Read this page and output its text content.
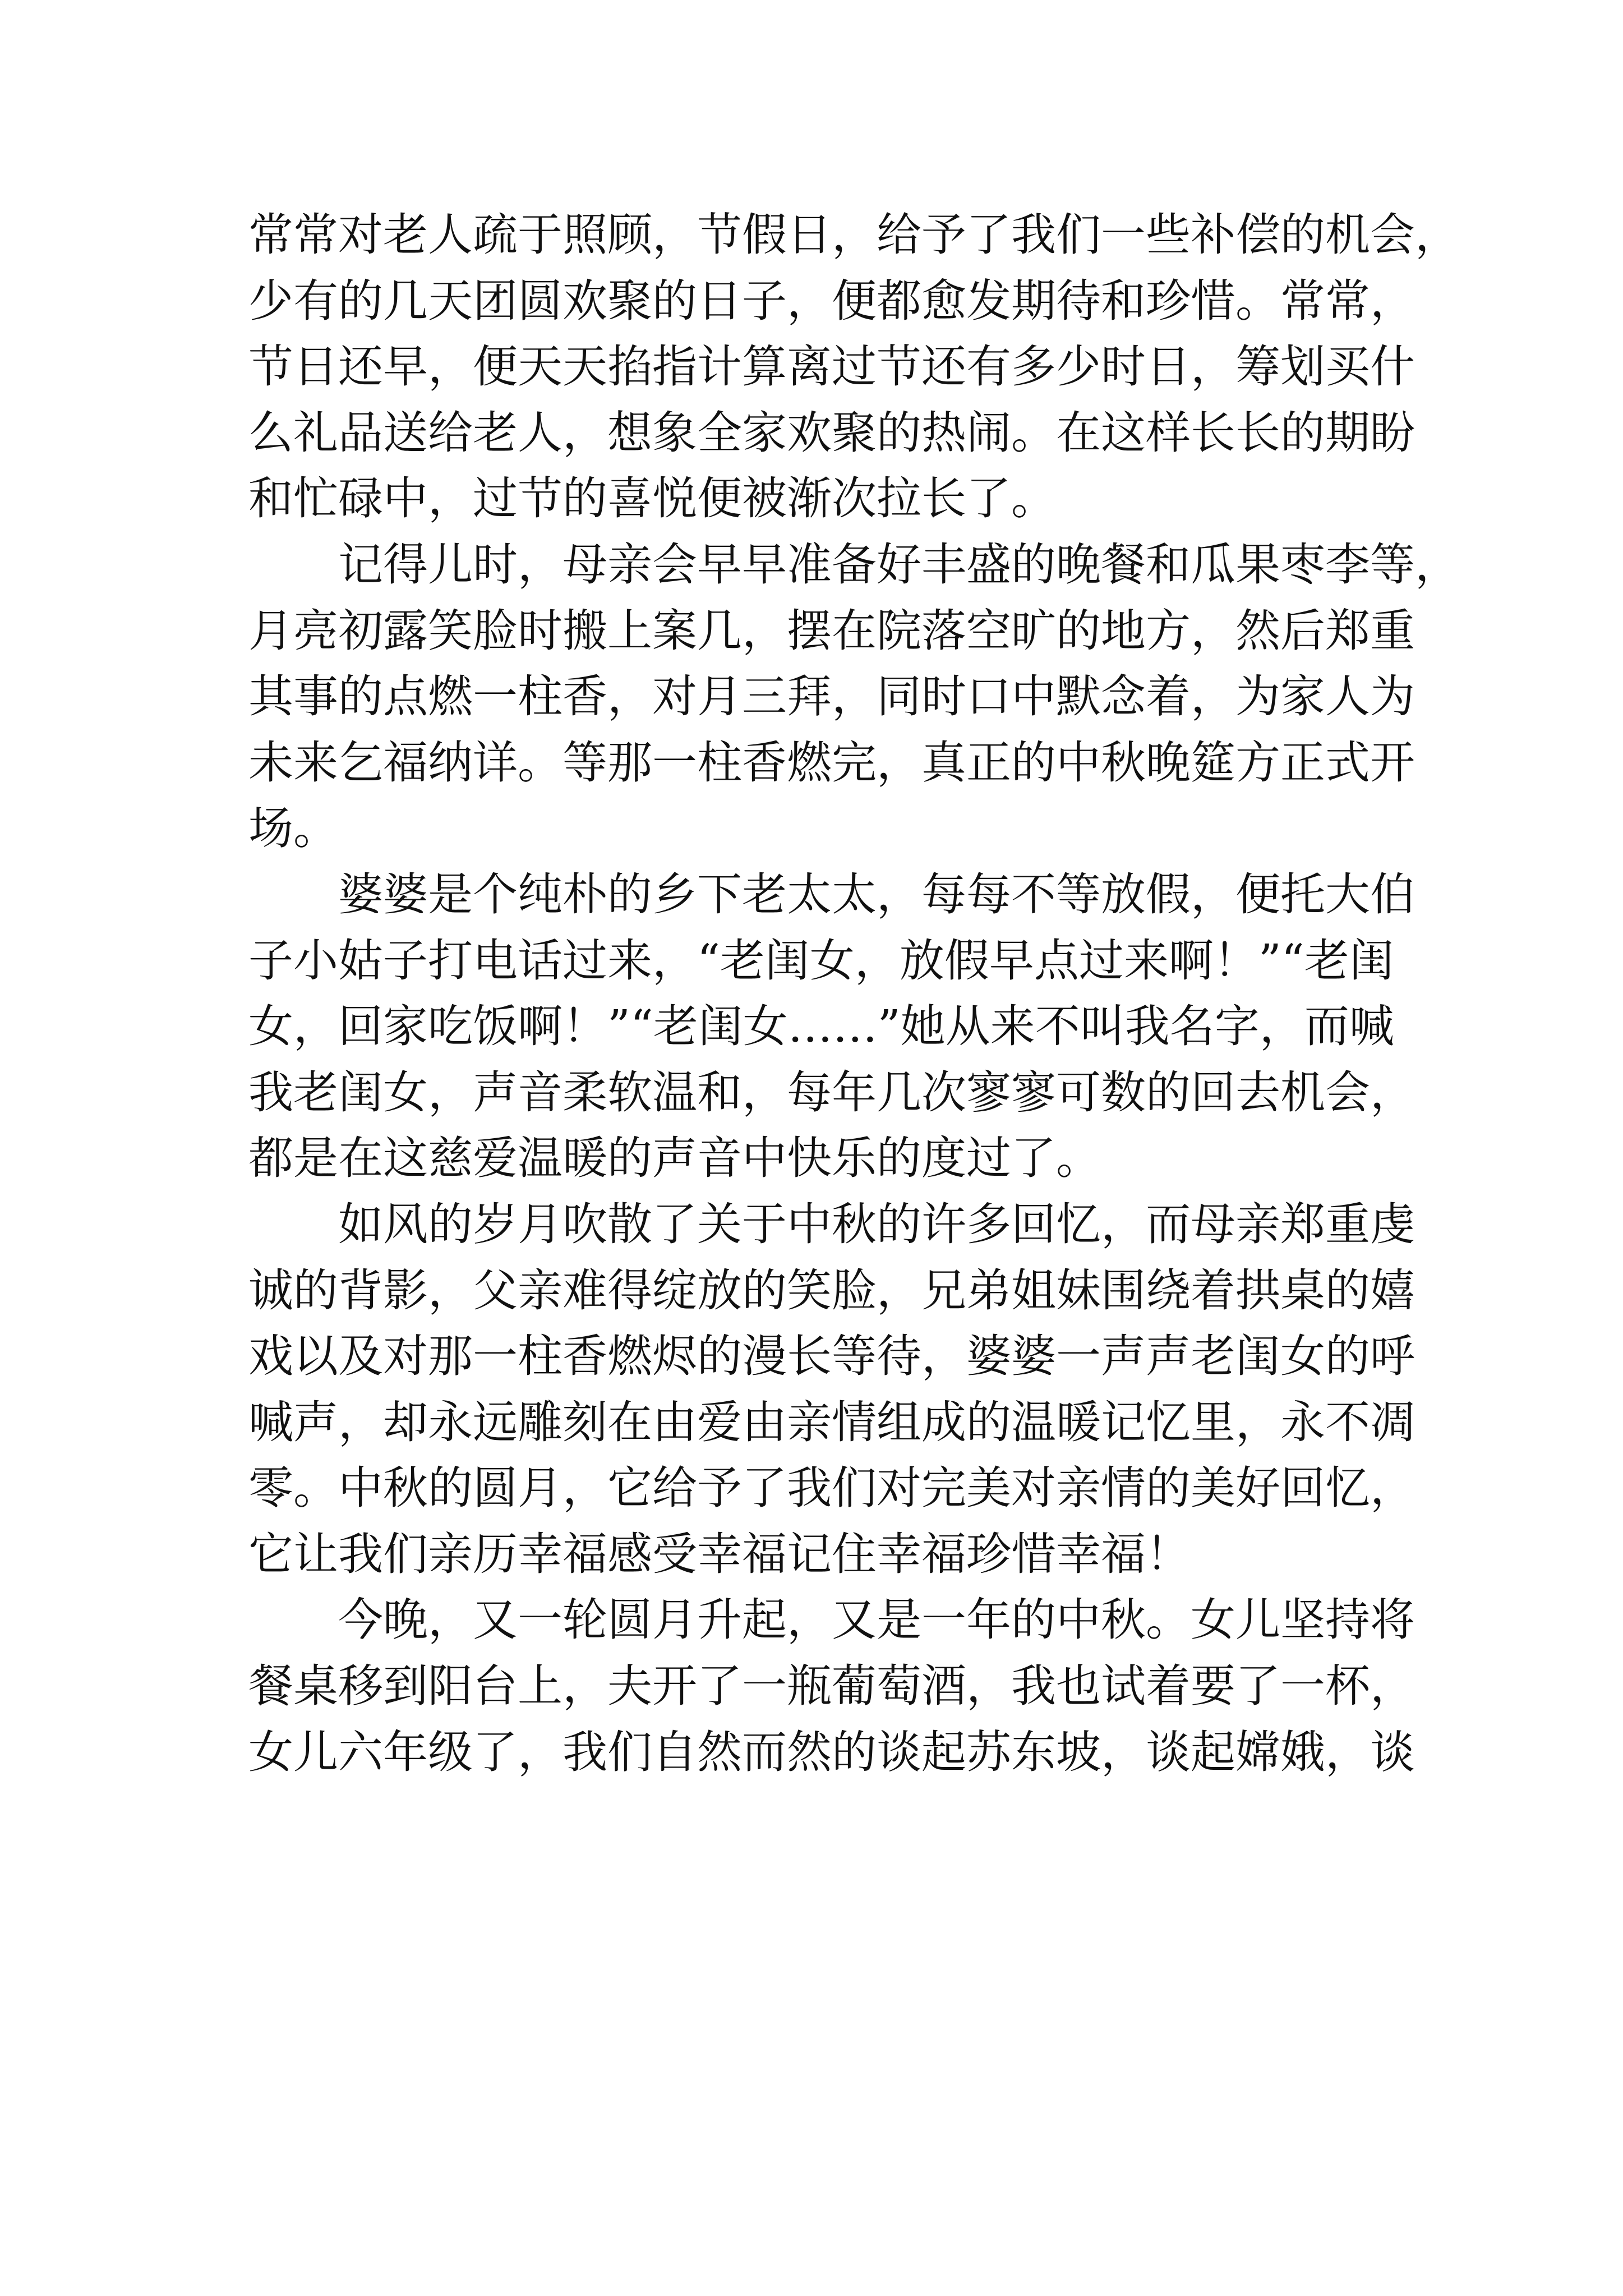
常常对老人疏于照顾，节假日，给予了我们一些补偿的机会，
少有的几天团圆欢聚的日子，便都愈发期待和珍惜。常常，
节日还早，便天天掐指计算离过节还有多少时日，筹划买什
么礼品送给老人，想象全家欢聚的热闹。在这样长长的期盼
和忙碌中，过节的喜悦便被渐次拉长了。

记得儿时，母亲会早早准备好丰盛的晚餐和瓜果枣李等，
月亮初露笑脸时搬上案几，摆在院落空旷的地方，然后郑重
其事的点燃一柱香，对月三拜，同时口中默念着，为家人为
未来乞福纳详。等那一柱香燃完，真正的中秋晚筵方正式开
场。

婆婆是个纯朴的乡下老太太，每每不等放假，便托大伯
子小姑子打电话过来，“老闺女，放假早点过来啊！”“老闺
女，回家吃饭啊！”“老闺女……”她从来不叫我名字，而喊
我老闺女，声音柔软温和，每年几次寥寥可数的回去机会，
都是在这慈爱温暖的声音中快乐的度过了。

如风的岁月吹散了关于中秋的许多回忆，而母亲郑重虔
诚的背影，父亲难得绽放的笑脸，兄弟姐妹围绕着拱桌的嬉
戏以及对那一柱香燃烬的漫长等待，婆婆一声声老闺女的呼
喊声，却永远雕刻在由爱由亲情组成的温暖记忆里，永不凋
零。中秋的圆月，它给予了我们对完美对亲情的美好回忆，
它让我们亲历幸福感受幸福记住幸福珍惜幸福！

今晚，又一轮圆月升起，又是一年的中秋。女儿坚持将
餐桌移到阳台上，夫开了一瓶葡萄酒，我也试着要了一杯，
女儿六年级了，我们自然而然的谈起苏东坡，谈起嫦娥，谈
